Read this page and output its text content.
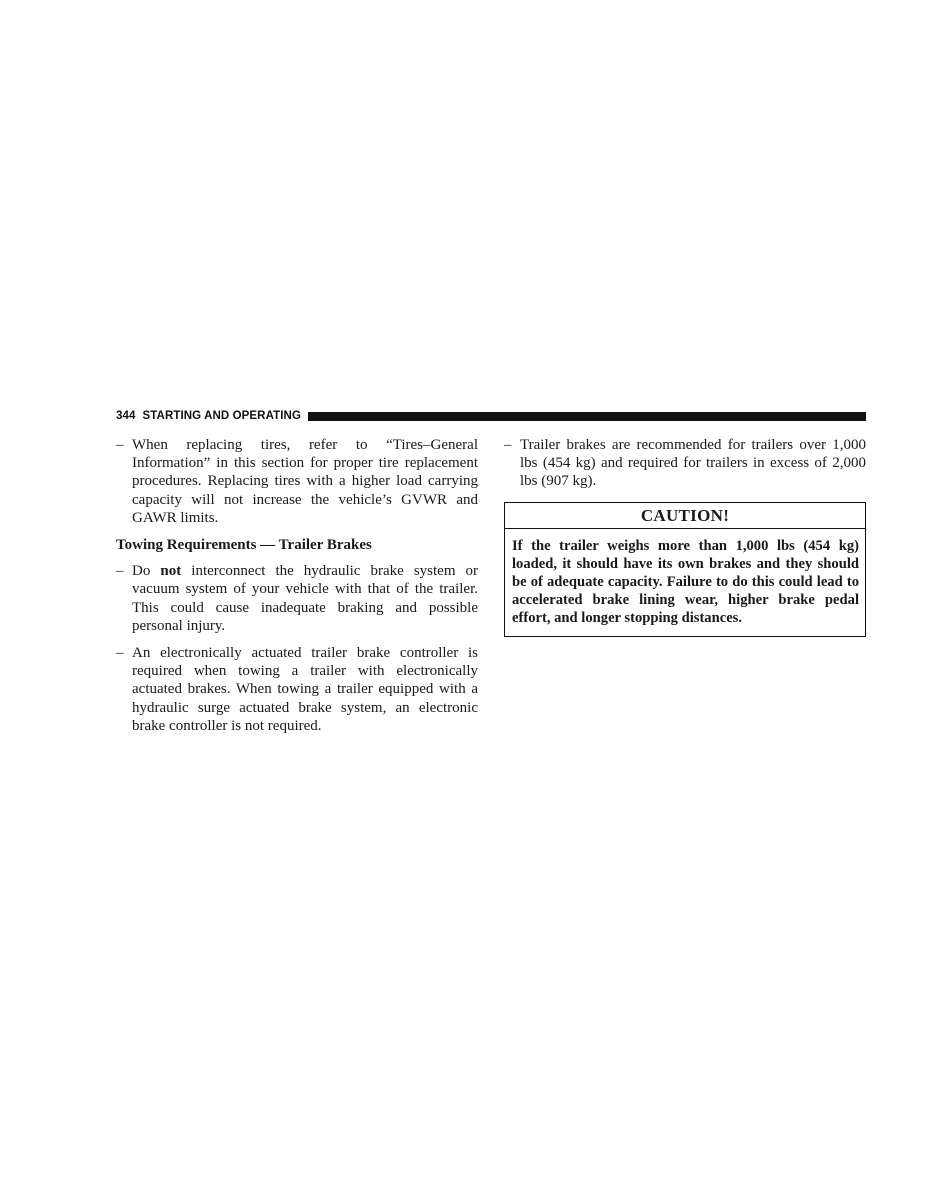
344 STARTING AND OPERATING

– When replacing tires, refer to “Tires–General Information” in this section for proper tire replacement procedures. Replacing tires with a higher load carrying capacity will not increase the vehicle’s GVWR and GAWR limits.

Towing Requirements — Trailer Brakes

– Do not interconnect the hydraulic brake system or vacuum system of your vehicle with that of the trailer. This could cause inadequate braking and possible personal injury.

– An electronically actuated trailer brake controller is required when towing a trailer with electronically actuated brakes. When towing a trailer equipped with a hydraulic surge actuated brake system, an electronic brake controller is not required.

– Trailer brakes are recommended for trailers over 1,000 lbs (454 kg) and required for trailers in excess of 2,000 lbs (907 kg).

CAUTION!
If the trailer weighs more than 1,000 lbs (454 kg) loaded, it should have its own brakes and they should be of adequate capacity. Failure to do this could lead to accelerated brake lining wear, higher brake pedal effort, and longer stopping distances.
